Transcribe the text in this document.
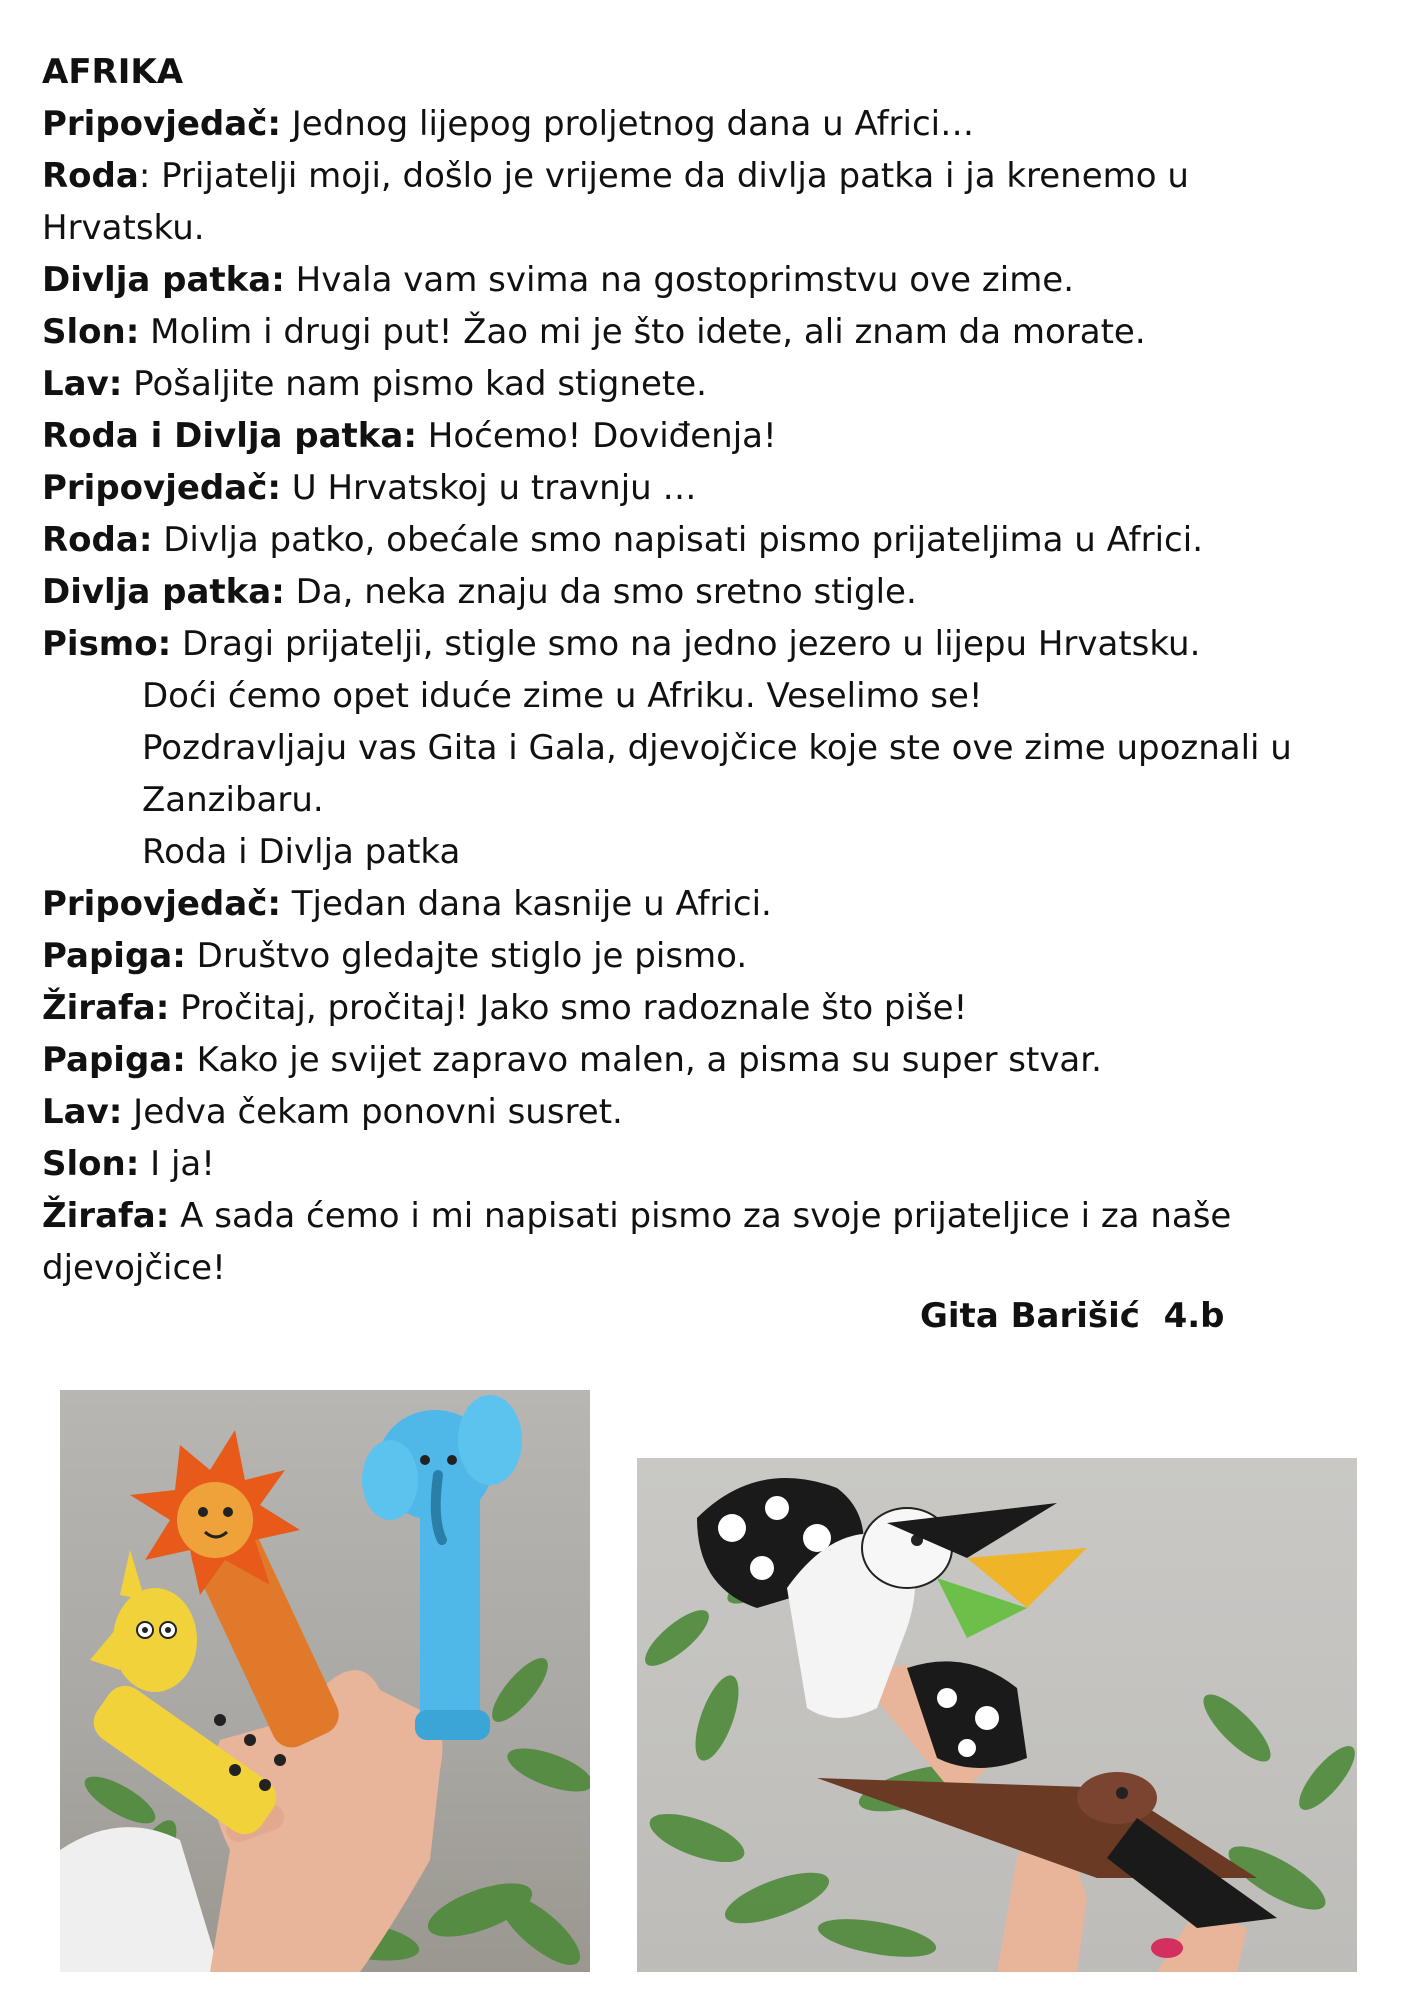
AFRIKA
Pripovjedač: Jednog lijepog proljetnog dana u Africi…
Roda: Prijatelji moji, došlo je vrijeme da divlja patka i ja krenemo u Hrvatsku.
Divlja patka: Hvala vam svima na gostoprimstvu ove zime.
Slon: Molim i drugi put! Žao mi je što idete, ali znam da morate.
Lav: Pošaljite nam pismo kad stignete.
Roda i Divlja patka: Hoćemo! Doviđenja!
Pripovjedač: U Hrvatskoj u travnju …
Roda: Divlja patko, obećale smo napisati pismo prijateljima u Africi.
Divlja patka: Da, neka znaju da smo sretno stigle.
Pismo: Dragi prijatelji, stigle smo na jedno jezero u lijepu Hrvatsku.
Doći ćemo opet iduće zime u Afriku. Veselimo se!
Pozdravljaju vas Gita i Gala, djevojčice koje ste ove zime upoznali u Zanzibaru.
Roda i Divlja patka
Pripovjedač: Tjedan dana kasnije u Africi.
Papiga: Društvo gledajte stiglo je pismo.
Žirafa: Pročitaj, pročitaj! Jako smo radoznale što piše!
Papiga: Kako je svijet zapravo malen, a pisma su super stvar.
Lav: Jedva čekam ponovni susret.
Slon: I ja!
Žirafa: A sada ćemo i mi napisati pismo za svoje prijateljice i za naše djevojčice!
Gita Barišić  4.b
